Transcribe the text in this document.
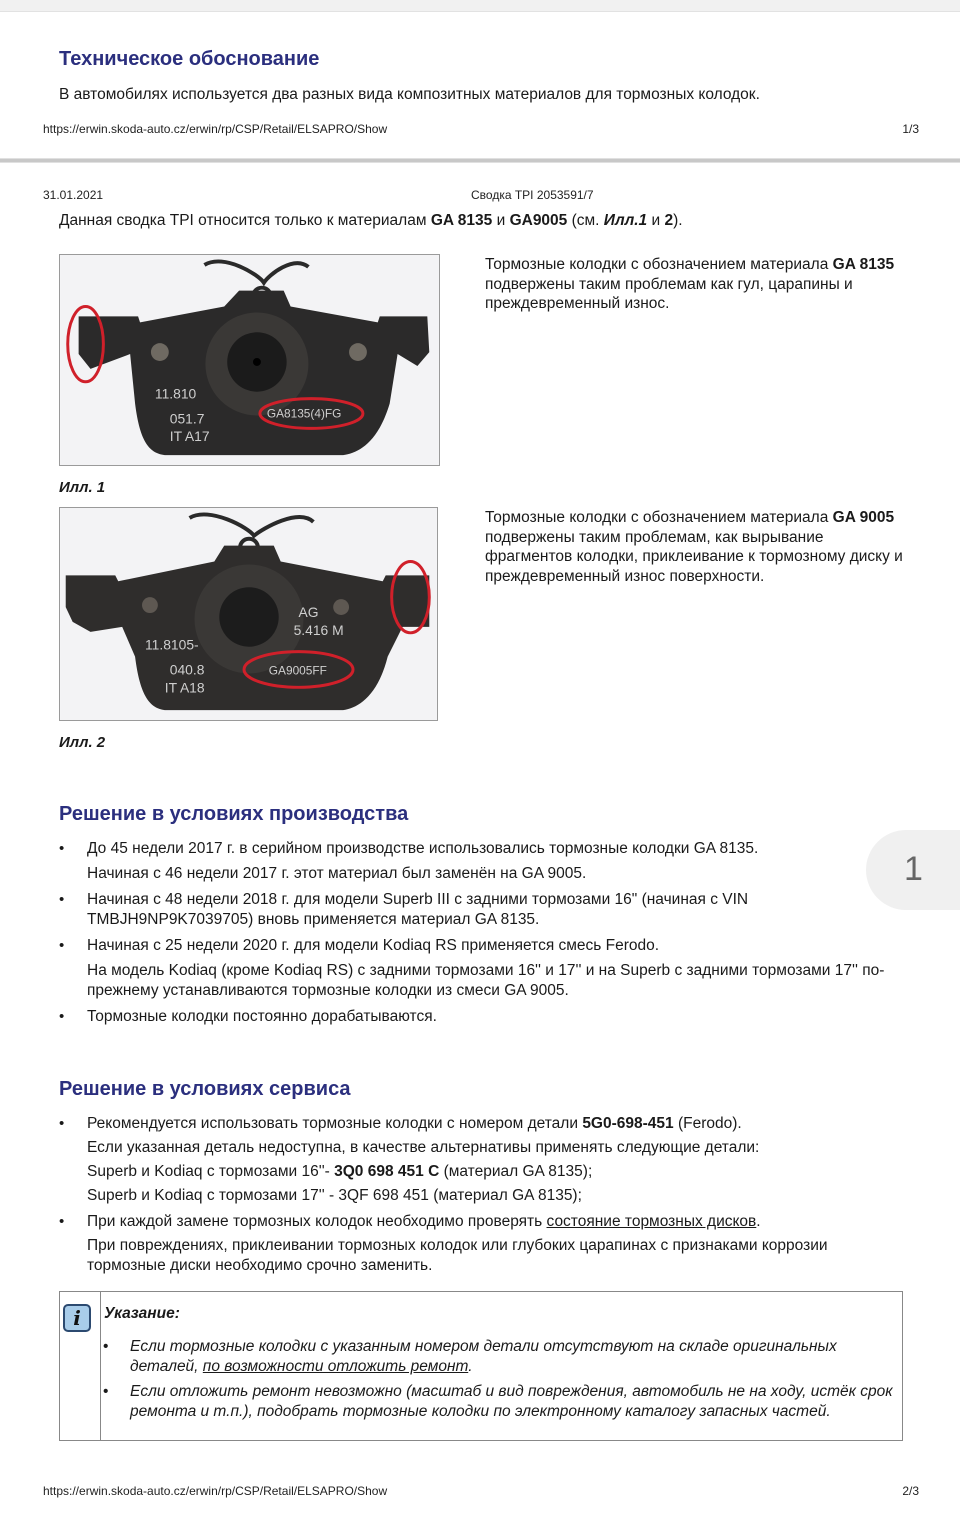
Техническое обоснование

В автомобилях используется два разных вида композитных материалов для тормозных колодок.

https://erwin.skoda-auto.cz/erwin/rp/CSP/Retail/ELSAPRO/Show	1/3
31.01.2021	Сводка TPI 2053591/7

Данная сводка TPI относится только к материалам GA 8135 и GA9005 (см. Илл.1 и 2).

11.810
051.7
IT A17
GA8135(4)FG
Илл. 1

Тормозные колодки с обозначением материала GA 8135 подвержены таким проблемам как гул, царапины и преждевременный износ.

11.8105-
040.8
IT A18
AG
5.416 M
GA9005FF
Илл. 2

Тормозные колодки с обозначением материала GA 9005 подвержены таким проблемам, как вырывание фрагментов колодки, приклеивание к тормозному диску и преждевременный износ поверхности.

Решение в условиях производства
• До 45 недели 2017 г. в серийном производстве использовались тормозные колодки GA 8135.
Начиная с 46 недели 2017 г. этот материал был заменён на GA 9005.
• Начиная с 48 недели 2018 г. для модели Superb III с задними тормозами 16" (начиная с VIN TMBJH9NP9K7039705) вновь применяется материал GA 8135.
• Начиная с 25 недели 2020 г. для модели Kodiaq RS применяется смесь Ferodo.
На модель Kodiaq (кроме Kodiaq RS) с задними тормозами 16'' и 17'' и на Superb с задними тормозами 17'' по-прежнему устанавливаются тормозные колодки из смеси GA 9005.
• Тормозные колодки постоянно дорабатываются.
1
Решение в условиях сервиса
• Рекомендуется использовать тормозные колодки с номером детали 5G0-698-451 (Ferodo).
Если указанная деталь недоступна, в качестве альтернативы применять следующие детали:
Superb и Kodiaq с тормозами 16''- 3Q0 698 451 C (материал GA 8135);
Superb и Kodiaq с тормозами 17'' - 3QF 698 451 (материал GA 8135);
• При каждой замене тормозных колодок необходимо проверять состояние тормозных дисков.
При повреждениях, приклеивании тормозных колодок или глубоких царапинах с признаками коррозии тормозные диски необходимо срочно заменить.
i Указание:
• Если тормозные колодки с указанным номером детали отсутствуют на складе оригинальных деталей, по возможности отложить ремонт.
• Если отложить ремонт невозможно (масштаб и вид повреждения, автомобиль не на ходу, истёк срок ремонта и т.п.), подобрать тормозные колодки по электронному каталогу запасных частей.
https://erwin.skoda-auto.cz/erwin/rp/CSP/Retail/ELSAPRO/Show	2/3
